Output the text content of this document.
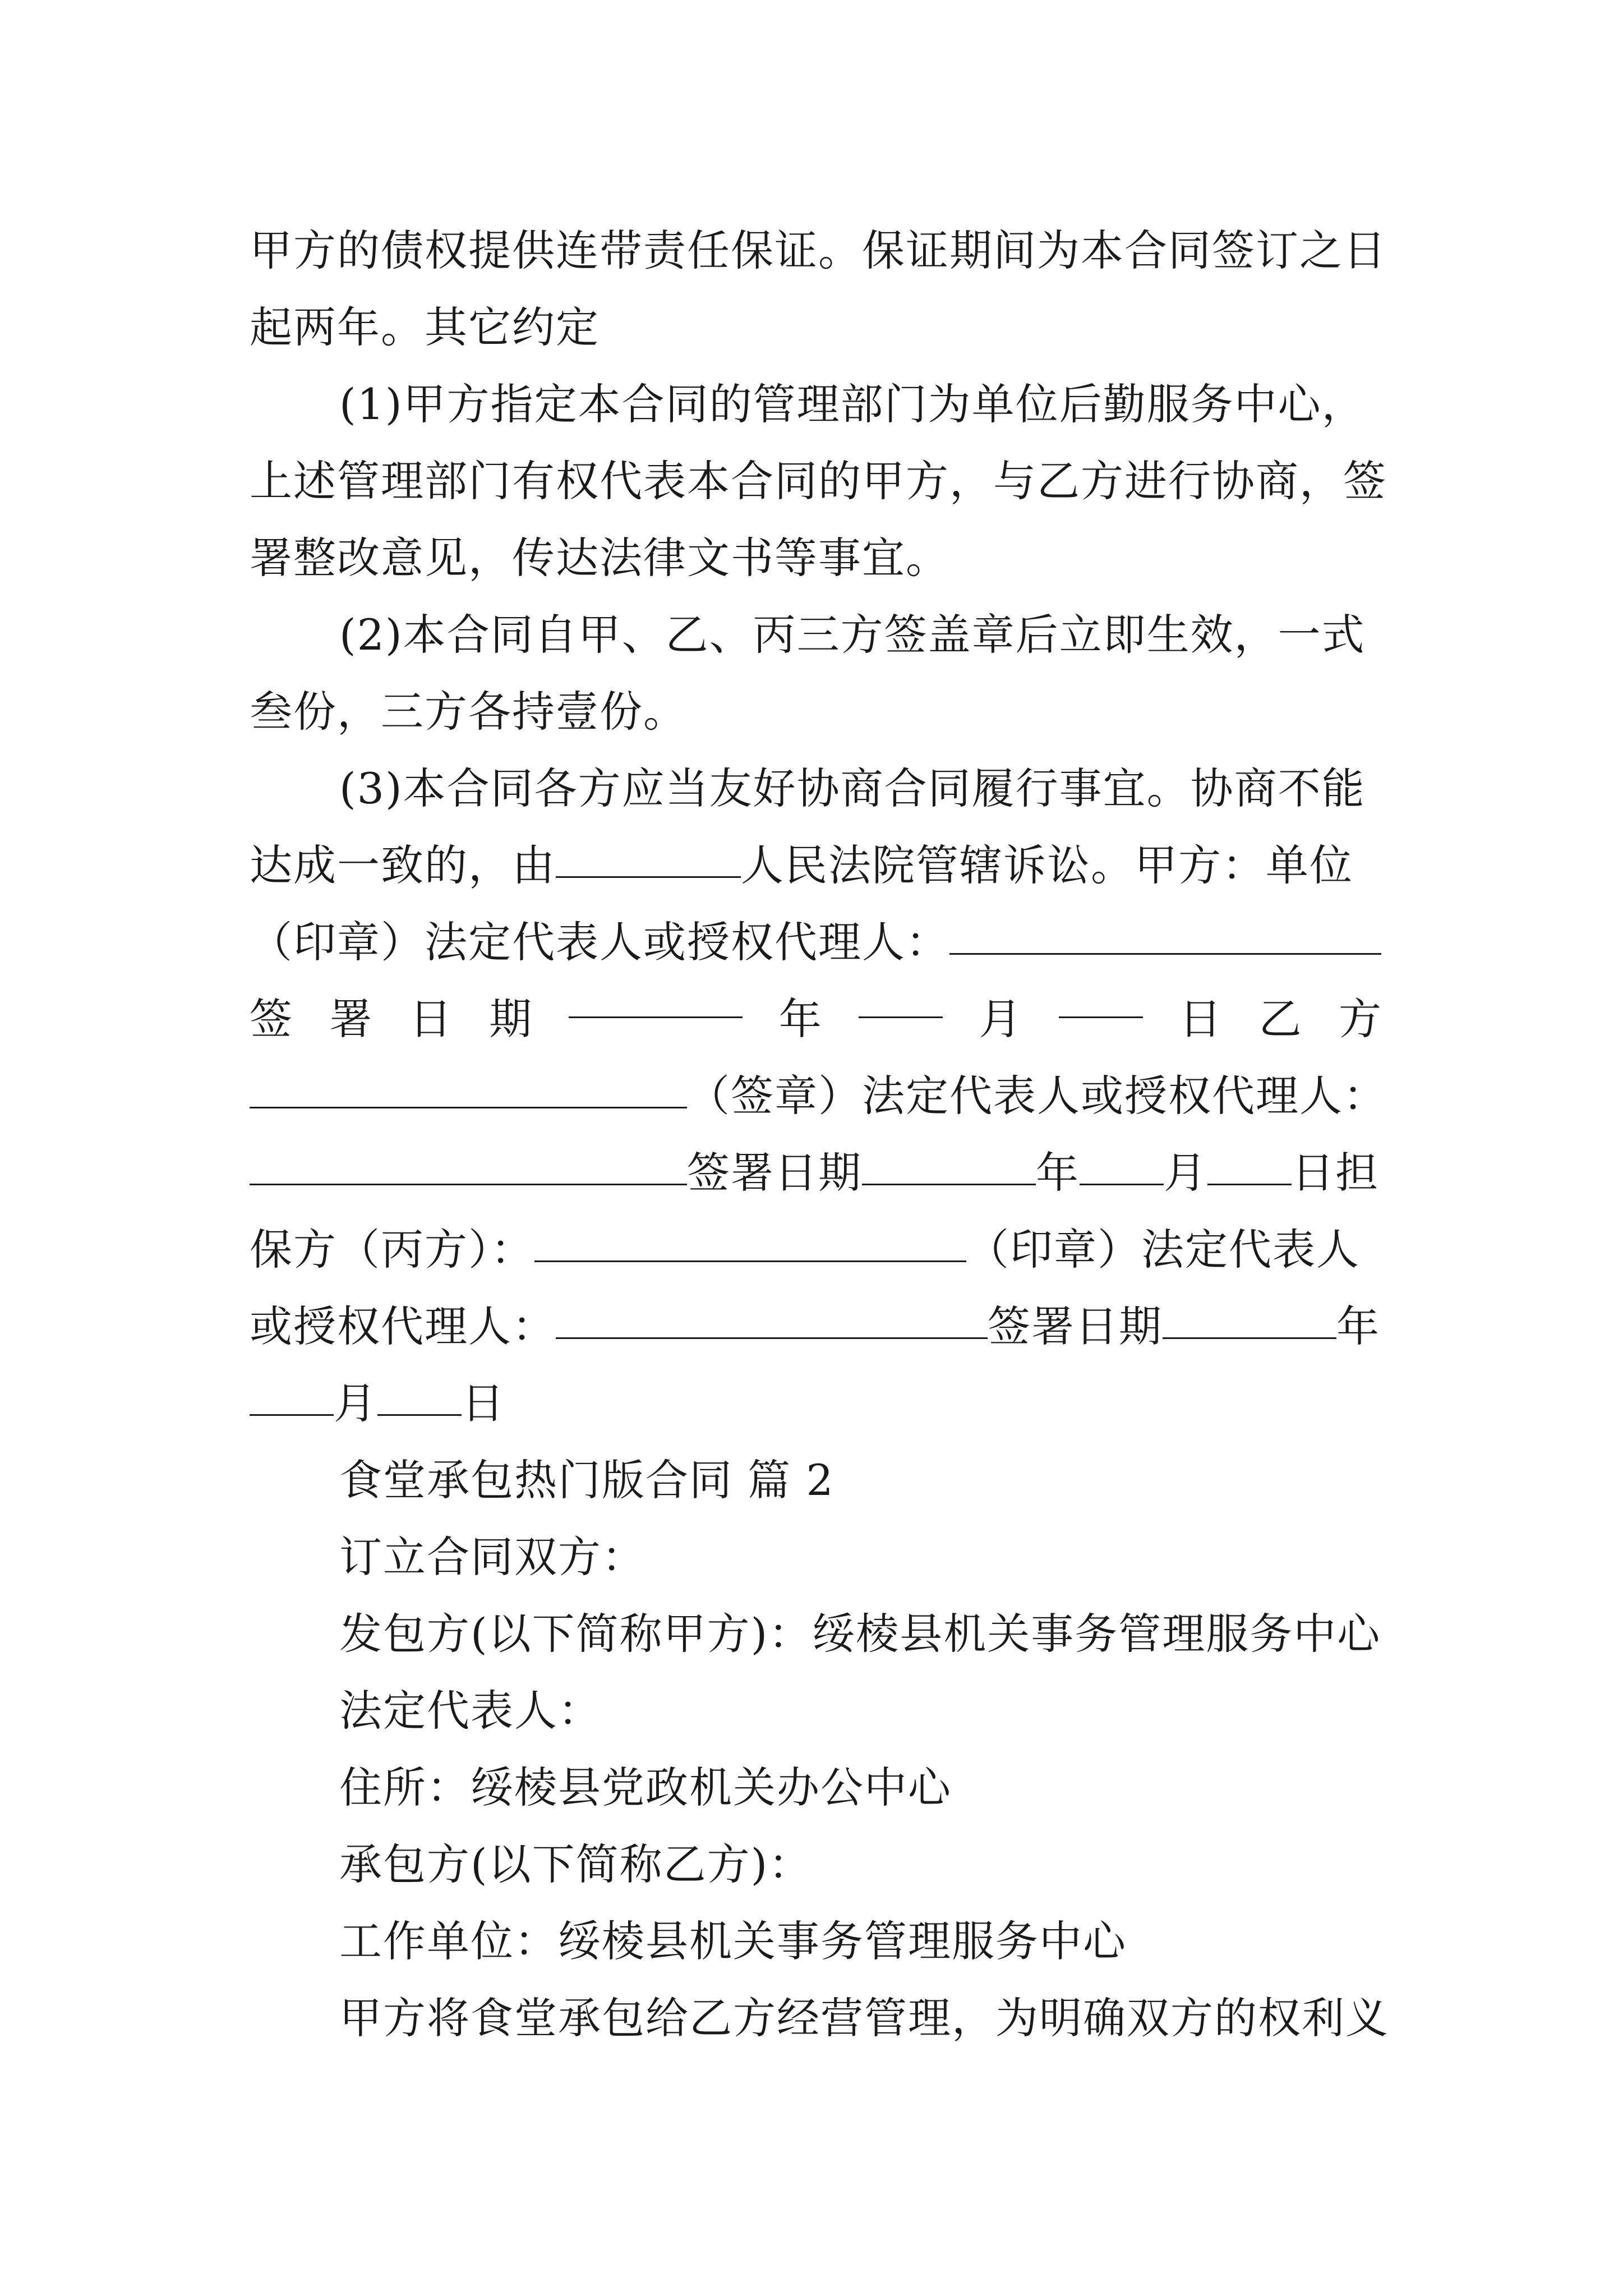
甲方的债权提供连带责任保证。保证期间为本合同签订之日
起两年。其它约定
(1)甲方指定本合同的管理部门为单位后勤服务中心，
上述管理部门有权代表本合同的甲方，与乙方进行协商，签
署整改意见，传达法律文书等事宜。
(2)本合同自甲、乙、丙三方签盖章后立即生效，一式
叁份，三方各持壹份。
(3)本合同各方应当友好协商合同履行事宜。协商不能
达成一致的，由	人民法院管辖诉讼。甲方：单位
（印章）法定代表人或授权代理人：
签 署 日 期	年	月	日 乙 方
（签章）法定代表人或授权代理人：
签署日期	年 月 日担
保方（丙方）：	（印章）法定代表人
或授权代理人：	签署日期	年
月 日
食堂承包热门版合同 篇 2
订立合同双方：
发包方(以下简称甲方)：绥棱县机关事务管理服务中心
法定代表人：
住所：绥棱县党政机关办公中心
承包方(以下简称乙方)：
工作单位：绥棱县机关事务管理服务中心
甲方将食堂承包给乙方经营管理，为明确双方的权利义
